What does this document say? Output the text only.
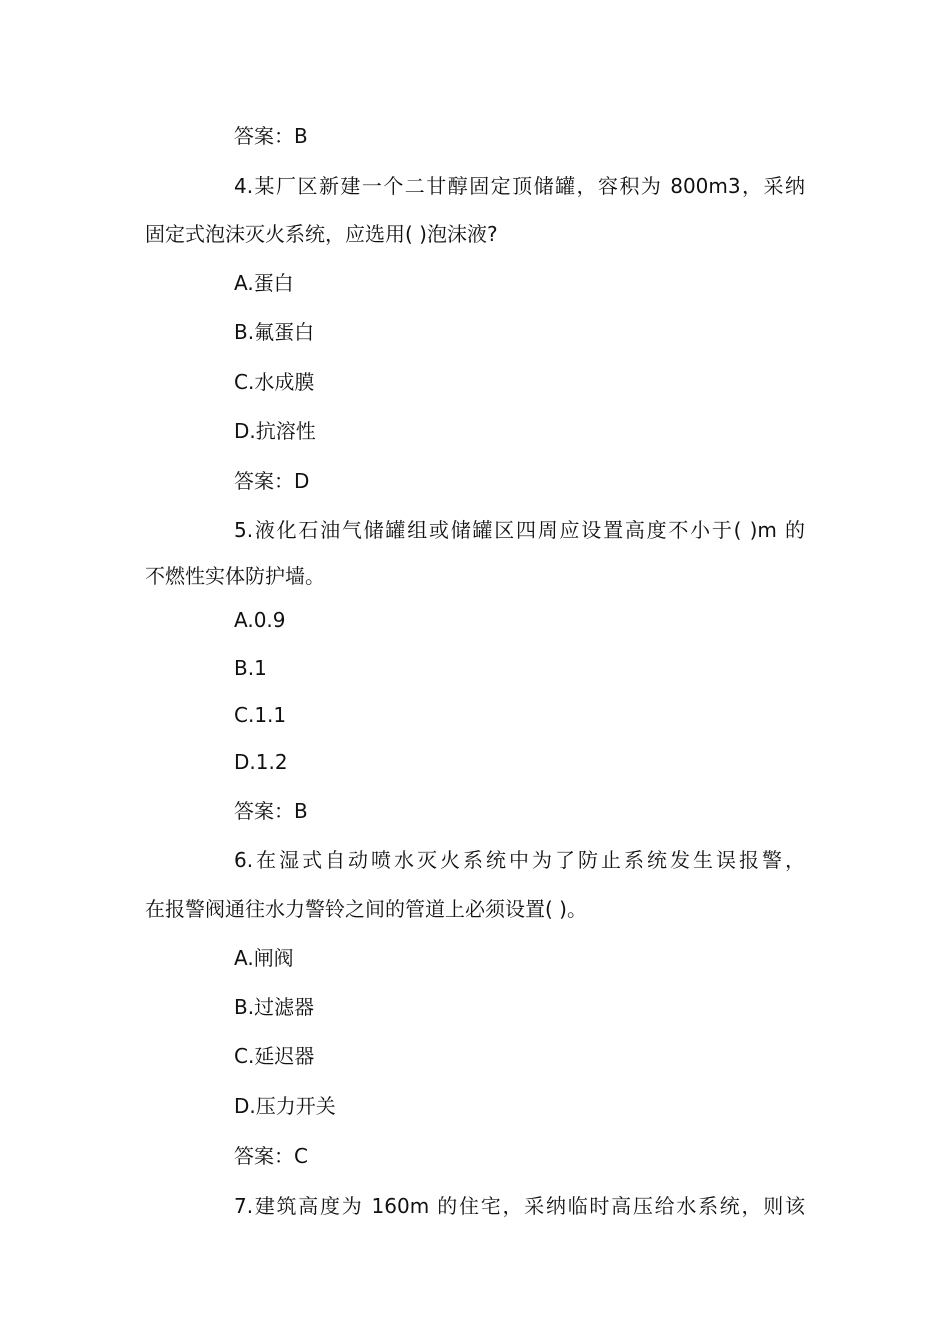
答案：B
4.某厂区新建一个二甘醇固定顶储罐，容积为 800m3，采纳
固定式泡沫灭火系统，应选用( )泡沫液?
A.蛋白
B.氟蛋白
C.水成膜
D.抗溶性
答案：D
5.液化石油气储罐组或储罐区四周应设置高度不小于( )m 的
不燃性实体防护墙。
A.0.9
B.1
C.1.1
D.1.2
答案：B
6.在湿式自动喷水灭火系统中为了防止系统发生误报警，
在报警阀通往水力警铃之间的管道上必须设置( )。
A.闸阀
B.过滤器
C.延迟器
D.压力开关
答案：C
7.建筑高度为 160m 的住宅，采纳临时高压给水系统，则该
